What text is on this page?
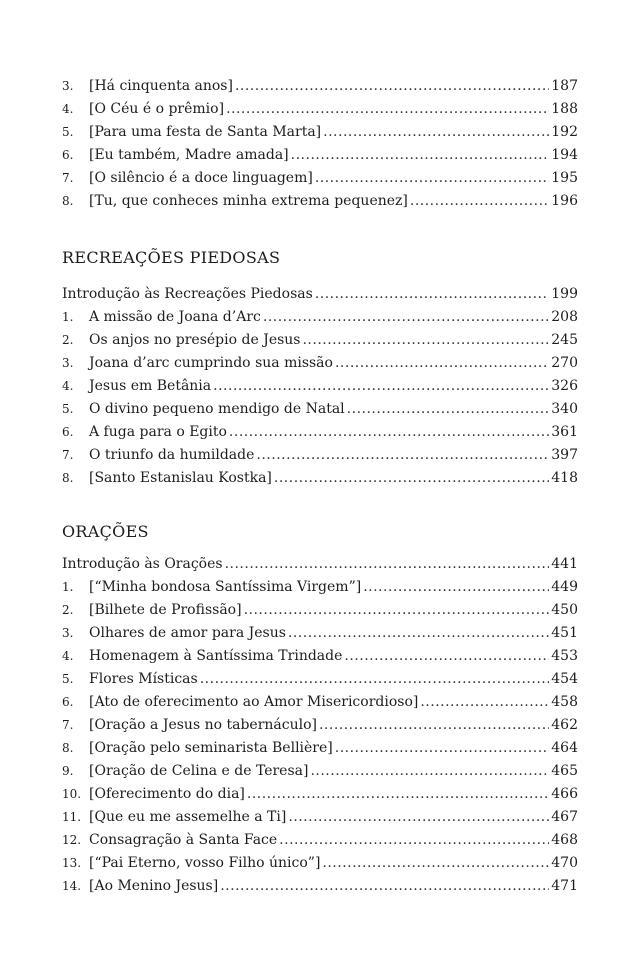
3.	[Há cinquenta anos] .....	187
4.	[O Céu é o prêmio] .....	188
5.	[Para uma festa de Santa Marta] .....	192
6.	[Eu também, Madre amada] .....	194
7.	[O silêncio é a doce linguagem] .....	195
8.	[Tu, que conheces minha extrema pequenez] .....	196
RECREAÇÕES PIEDOSAS
Introdução às Recreações Piedosas .....	199
1.	A missão de Joana d’Arc .....	208
2.	Os anjos no presépio de Jesus .....	245
3.	Joana d’arc cumprindo sua missão .....	270
4.	Jesus em Betânia .....	326
5.	O divino pequeno mendigo de Natal .....	340
6.	A fuga para o Egito .....	361
7.	O triunfo da humildade .....	397
8.	[Santo Estanislau Kostka] .....	418
ORAÇÕES
Introdução às Orações .....	441
1.	[“Minha bondosa Santíssima Virgem”] .....	449
2.	[Bilhete de Profissão] .....	450
3.	Olhares de amor para Jesus .....	451
4.	Homenagem à Santíssima Trindade .....	453
5.	Flores Místicas .....	454
6.	[Ato de oferecimento ao Amor Misericordioso] .....	458
7.	[Oração a Jesus no tabernáculo] .....	462
8.	[Oração pelo seminarista Bellière] .....	464
9.	[Oração de Celina e de Teresa] .....	465
10. [Oferecimento do dia] .....	466
11. [Que eu me assemelhe a Ti] .....	467
12. Consagração à Santa Face .....	468
13. [“Pai Eterno, vosso Filho único”] .....	470
14. [Ao Menino Jesus] .....	471
